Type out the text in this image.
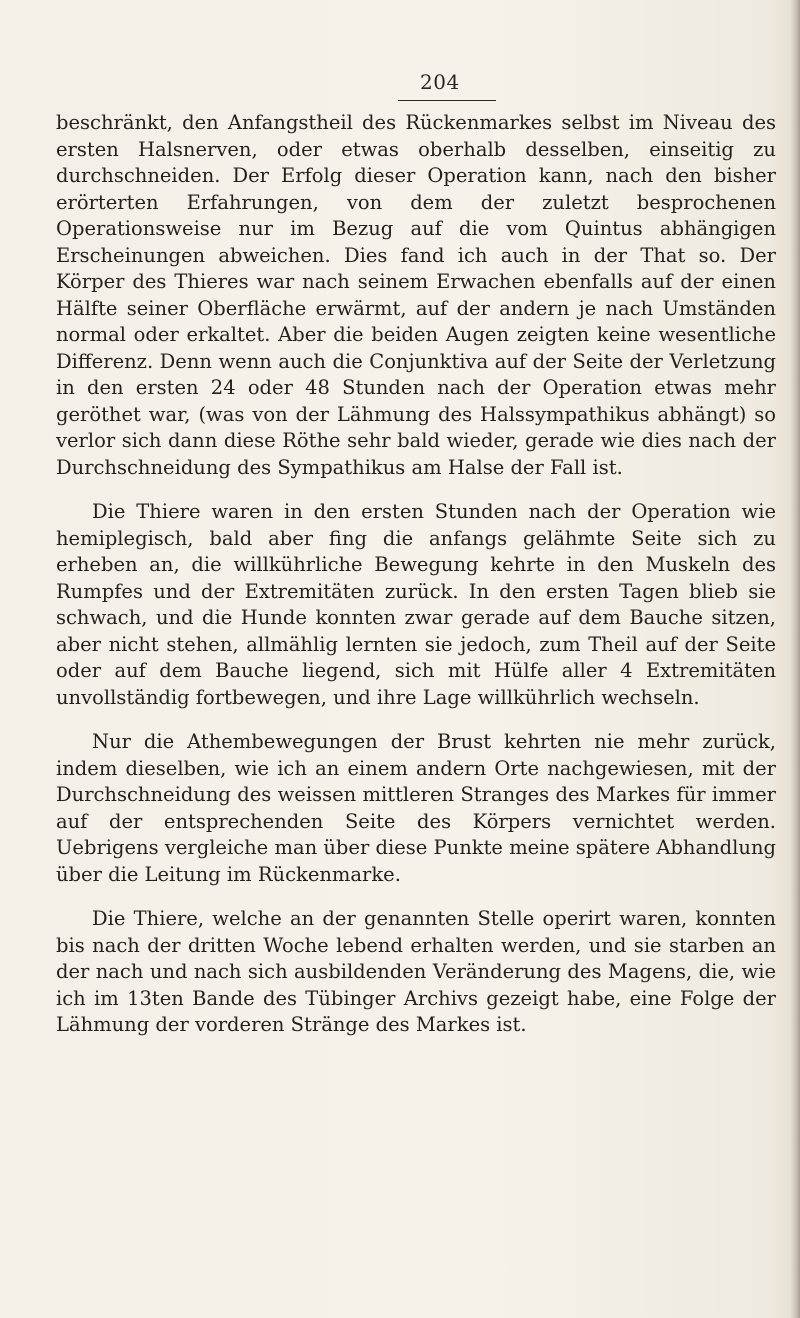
204

beschränkt, den Anfangstheil des Rückenmarkes selbst im Niveau des ersten Halsnerven, oder etwas oberhalb desselben, einseitig zu durchschneiden. Der Erfolg dieser Operation kann, nach den bisher erörterten Erfahrungen, von dem der zuletzt besprochenen Operationsweise nur im Bezug auf die vom Quintus abhängigen Erscheinungen abweichen. Dies fand ich auch in der That so. Der Körper des Thieres war nach seinem Erwachen ebenfalls auf der einen Hälfte seiner Oberfläche erwärmt, auf der andern je nach Umständen normal oder erkaltet. Aber die beiden Augen zeigten keine wesentliche Differenz. Denn wenn auch die Conjunktiva auf der Seite der Verletzung in den ersten 24 oder 48 Stunden nach der Operation etwas mehr geröthet war, (was von der Lähmung des Halssympathikus abhängt) so verlor sich dann diese Röthe sehr bald wieder, gerade wie dies nach der Durchschneidung des Sympathikus am Halse der Fall ist.

Die Thiere waren in den ersten Stunden nach der Operation wie hemiplegisch, bald aber fing die anfangs gelähmte Seite sich zu erheben an, die willkührliche Bewegung kehrte in den Muskeln des Rumpfes und der Extremitäten zurück. In den ersten Tagen blieb sie schwach, und die Hunde konnten zwar gerade auf dem Bauche sitzen, aber nicht stehen, allmählig lernten sie jedoch, zum Theil auf der Seite oder auf dem Bauche liegend, sich mit Hülfe aller 4 Extremitäten unvollständig fortbewegen, und ihre Lage willkührlich wechseln.

Nur die Athembewegungen der Brust kehrten nie mehr zurück, indem dieselben, wie ich an einem andern Orte nachgewiesen, mit der Durchschneidung des weissen mittleren Stranges des Markes für immer auf der entsprechenden Seite des Körpers vernichtet werden. Uebrigens vergleiche man über diese Punkte meine spätere Abhandlung über die Leitung im Rückenmarke.

Die Thiere, welche an der genannten Stelle operirt waren, konnten bis nach der dritten Woche lebend erhalten werden, und sie starben an der nach und nach sich ausbildenden Veränderung des Magens, die, wie ich im 13ten Bande des Tübinger Archivs gezeigt habe, eine Folge der Lähmung der vorderen Stränge des Markes ist.
